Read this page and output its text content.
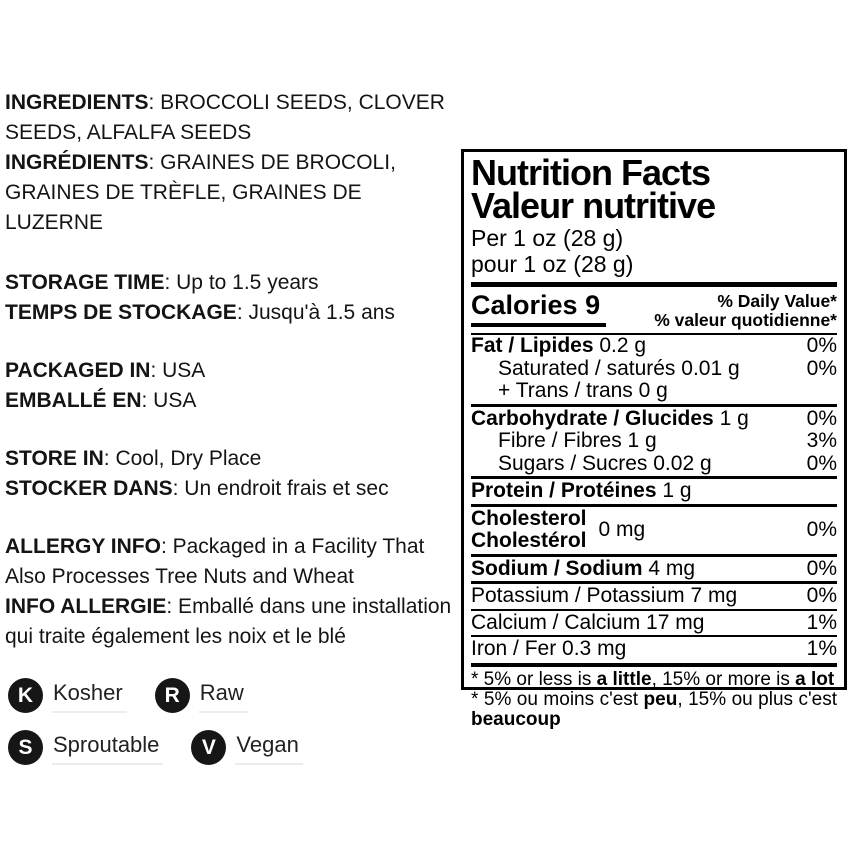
INGREDIENTS: BROCCOLI SEEDS, CLOVER SEEDS, ALFALFA SEEDS

INGRÉDIENTS: GRAINES DE BROCOLI, GRAINES DE TRÈFLE, GRAINES DE LUZERNE

STORAGE TIME: Up to 1.5 years

TEMPS DE STOCKAGE: Jusqu'à 1.5 ans

PACKAGED IN: USA

EMBALLÉ EN: USA

STORE IN: Cool, Dry Place

STOCKER DANS: Un endroit frais et sec

ALLERGY INFO: Packaged in a Facility That Also Processes Tree Nuts and Wheat

INFO ALLERGIE: Emballé dans une installation qui traite également les noix et le blé

K Kosher	R Raw
S Sproutable	V Vegan
Nutrition Facts
Valeur nutritive
Per 1 oz (28 g)
pour 1 oz (28 g)
Calories 9	% Daily Value*
% valeur quotidienne*
Fat / Lipides 0.2 g	0%
Saturated / saturés 0.01 g	0%
+ Trans / trans 0 g
Carbohydrate / Glucides 1 g	0%
Fibre / Fibres 1 g	3%
Sugars / Sucres 0.02 g	0%
Protein / Protéines 1 g
Cholesterol
Cholestérol 0 mg	0%
Sodium / Sodium 4 mg	0%
Potassium / Potassium 7 mg	0%
Calcium / Calcium 17 mg	1%
Iron / Fer 0.3 mg	1%
* 5% or less is a little, 15% or more is a lot
* 5% ou moins c'est peu, 15% ou plus c'est
beaucoup
